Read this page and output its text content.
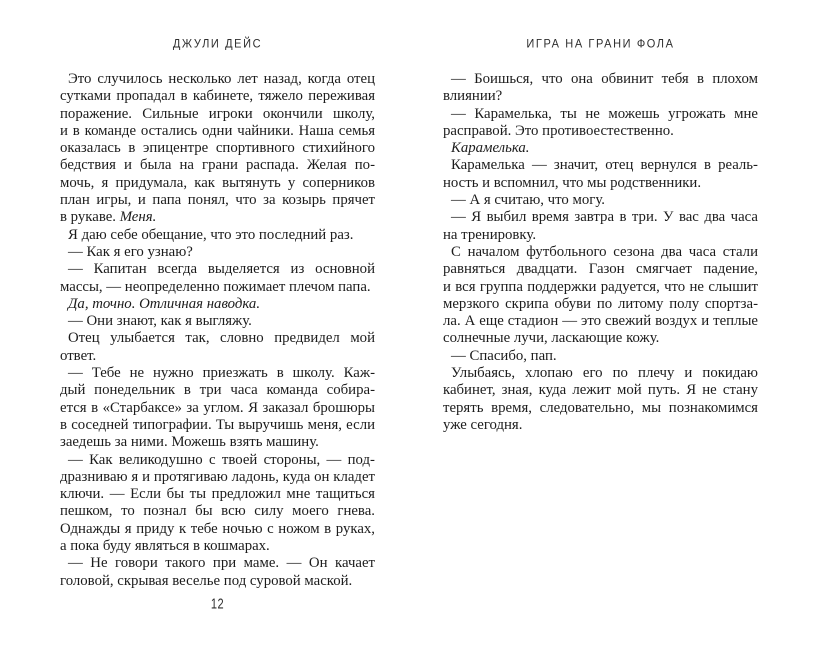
ДЖУЛИ ДЕЙС
Это случилось несколько лет назад, когда отец
сутками пропадал в кабинете, тяжело переживая
поражение. Сильные игроки окончили школу,
и в команде остались одни чайники. Наша семья
оказалась в эпицентре спортивного стихийного
бедствия и была на грани распада. Желая по-
мочь, я придумала, как вытянуть у соперников
план игры, и папа понял, что за козырь прячет
в рукаве. Меня.
Я даю себе обещание, что это последний раз.
— Как я его узнаю?
— Капитан всегда выделяется из основной
массы, — неопределенно пожимает плечом папа.
Да, точно. Отличная наводка.
— Они знают, как я выгляжу.
Отец улыбается так, словно предвидел мой
ответ.
— Тебе не нужно приезжать в школу. Каж-
дый понедельник в три часа команда собира-
ется в «Старбаксе» за углом. Я заказал брошюры
в соседней типографии. Ты выручишь меня, если
заедешь за ними. Можешь взять машину.
— Как великодушно с твоей стороны, — под-
дразниваю я и протягиваю ладонь, куда он кладет
ключи. — Если бы ты предложил мне тащиться
пешком, то познал бы всю силу моего гнева.
Однажды я приду к тебе ночью с ножом в руках,
а пока буду являться в кошмарах.
— Не говори такого при маме. — Он качает
головой, скрывая веселье под суровой маской.
12
ИГРА НА ГРАНИ ФОЛА
— Боишься, что она обвинит тебя в плохом
влиянии?
— Карамелька, ты не можешь угрожать мне
расправой. Это противоестественно.
Карамелька.
Карамелька — значит, отец вернулся в реаль-
ность и вспомнил, что мы родственники.
— А я считаю, что могу.
— Я выбил время завтра в три. У вас два часа
на тренировку.
С началом футбольного сезона два часа стали
равняться двадцати. Газон смягчает падение,
и вся группа поддержки радуется, что не слышит
мерзкого скрипа обуви по литому полу спортза-
ла. А еще стадион — это свежий воздух и теплые
солнечные лучи, ласкающие кожу.
— Спасибо, пап.
Улыбаясь, хлопаю его по плечу и покидаю
кабинет, зная, куда лежит мой путь. Я не стану
терять время, следовательно, мы познакомимся
уже сегодня.
